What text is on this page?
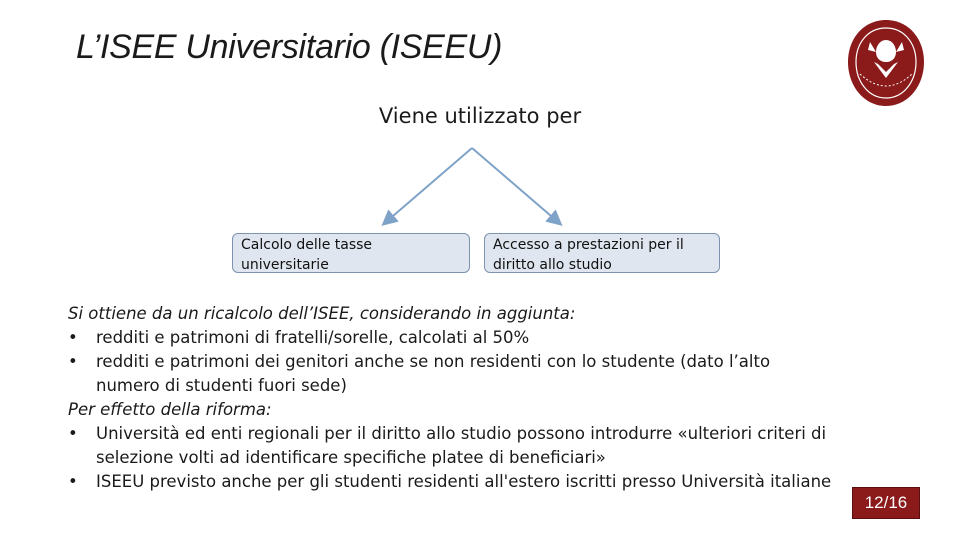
L’ISEE Universitario (ISEEU)
Viene utilizzato per
Calcolo delle tasse universitarie
Accesso a prestazioni per il diritto allo studio
Si ottiene da un ricalcolo dell’ISEE, considerando in aggiunta:
• redditi e patrimoni di fratelli/sorelle, calcolati al 50%
• redditi e patrimoni dei genitori anche se non residenti con lo studente (dato l’alto numero di studenti fuori sede)
Per effetto della riforma:
• Università ed enti regionali per il diritto allo studio possono introdurre «ulteriori criteri di selezione volti ad identificare specifiche platee di beneficiari»
• ISEEU previsto anche per gli studenti residenti all'estero iscritti presso Università italiane
12/16
